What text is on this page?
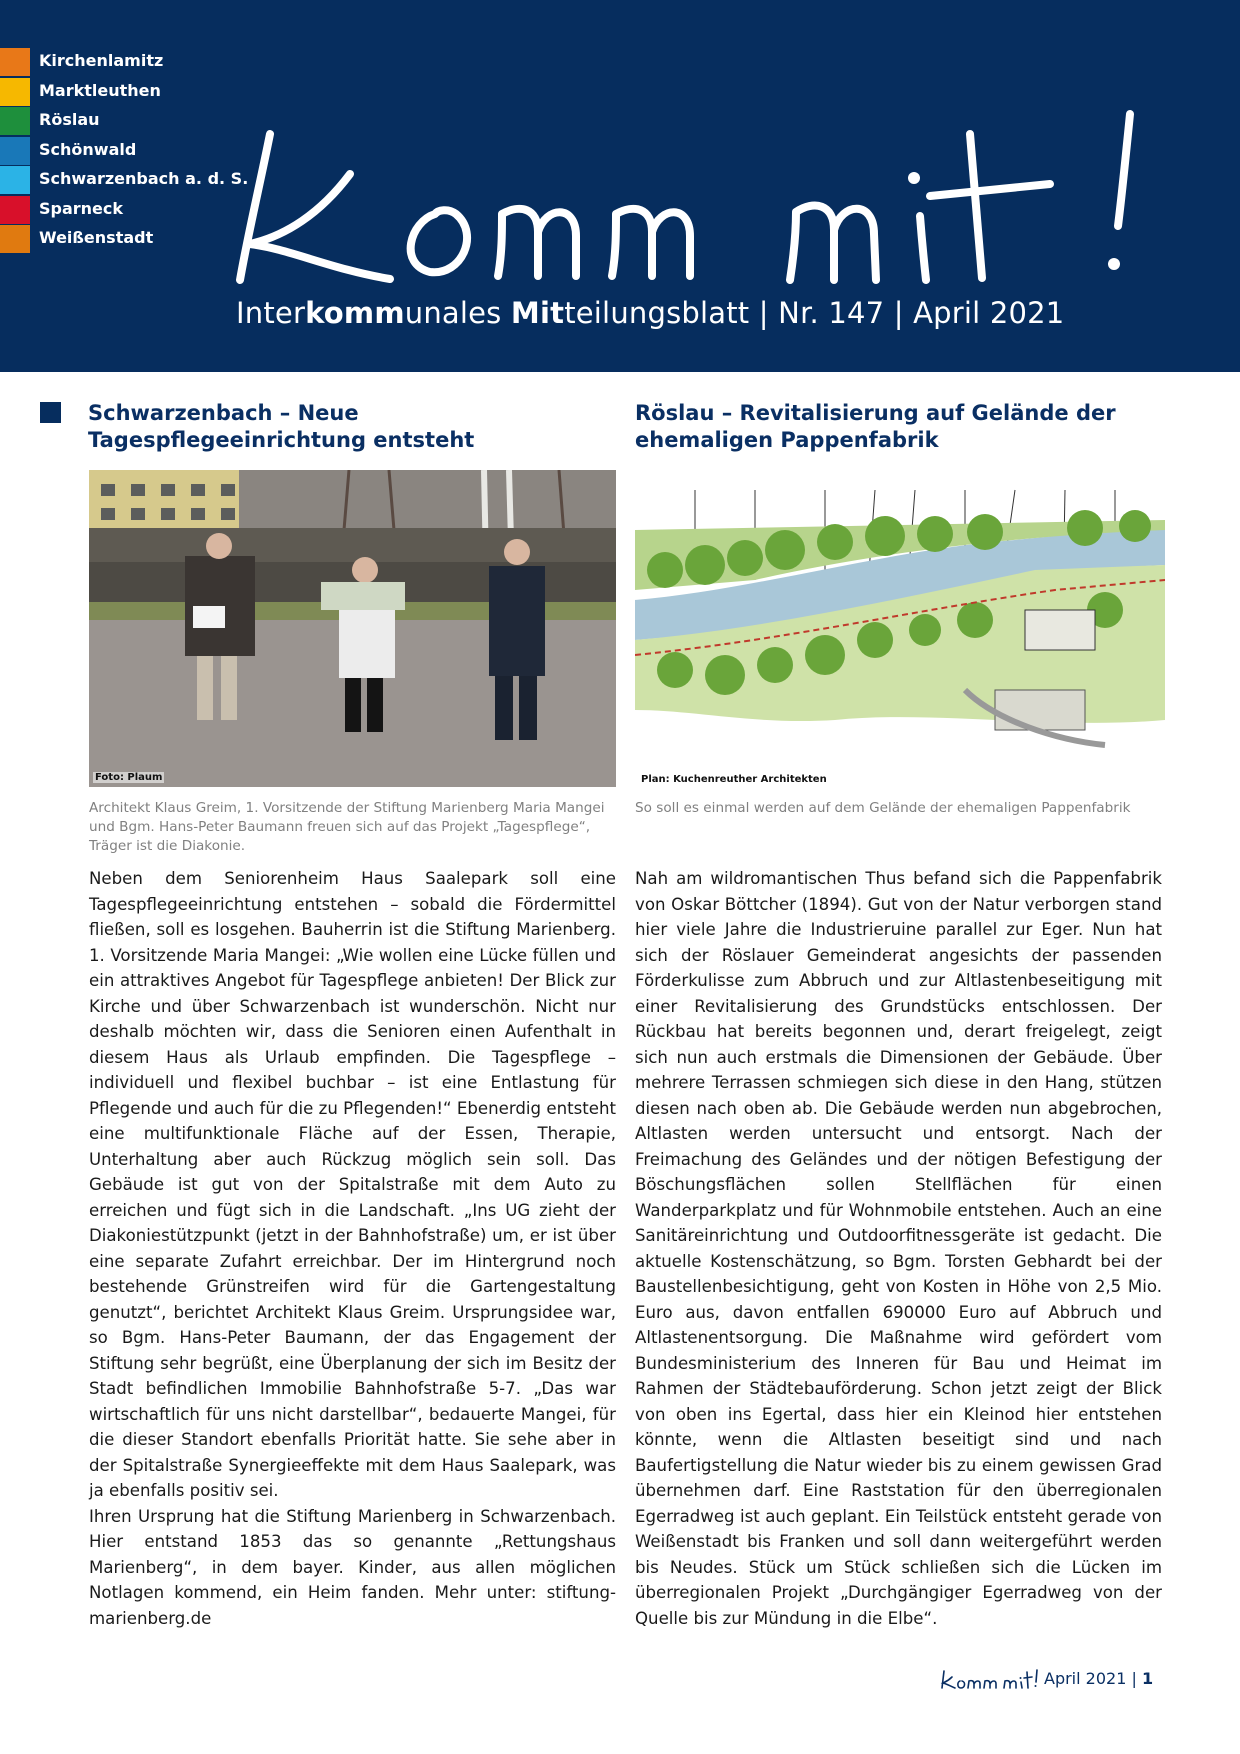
Kirchenlamitz
Marktleuthen
Röslau
Schönwald
Schwarzenbach a. d. S.
Sparneck
Weißenstadt
Interkommunales Mitteilungsblatt | Nr. 147 | April 2021
Schwarzenbach – Neue Tagespflegeeinrichtung entsteht
Röslau – Revitalisierung auf Gelände der ehemaligen Pappenfabrik
Foto: Plaum	Plan: Kuchenreuther Architekten
Architekt Klaus Greim, 1. Vorsitzende der Stiftung Marienberg Maria Mangei und Bgm. Hans-Peter Baumann freuen sich auf das Projekt „Tagespflege“, Träger ist die Diakonie.
So soll es einmal werden auf dem Gelände der ehemaligen Pappenfabrik

Neben dem Seniorenheim Haus Saalepark soll eine Tagespflegeeinrichtung entstehen – sobald die Fördermittel fließen, soll es losgehen. Bauherrin ist die Stiftung Marienberg. 1. Vorsitzende Maria Mangei: „Wie wollen eine Lücke füllen und ein attraktives Angebot für Tagespflege anbieten! Der Blick zur Kirche und über Schwarzenbach ist wunderschön. Nicht nur deshalb möchten wir, dass die Senioren einen Aufenthalt in diesem Haus als Urlaub empfinden. Die Tagespflege – individuell und flexibel buchbar – ist eine Entlastung für Pflegende und auch für die zu Pflegenden!“ Ebenerdig entsteht eine multifunktionale Fläche auf der Essen, Therapie, Unterhaltung aber auch Rückzug möglich sein soll. Das Gebäude ist gut von der Spitalstraße mit dem Auto zu erreichen und fügt sich in die Landschaft. „Ins UG zieht der Diakoniestützpunkt (jetzt in der Bahnhofstraße) um, er ist über eine separate Zufahrt erreichbar. Der im Hintergrund noch bestehende Grünstreifen wird für die Gartengestaltung genutzt“, berichtet Architekt Klaus Greim. Ursprungsidee war, so Bgm. Hans-Peter Baumann, der das Engagement der Stiftung sehr begrüßt, eine Überplanung der sich im Besitz der Stadt befindlichen Immobilie Bahnhofstraße 5-7. „Das war wirtschaftlich für uns nicht darstellbar“, bedauerte Mangei, für die dieser Standort ebenfalls Priorität hatte. Sie sehe aber in der Spitalstraße Synergieeffekte mit dem Haus Saalepark, was ja ebenfalls positiv sei.

Ihren Ursprung hat die Stiftung Marienberg in Schwarzenbach. Hier entstand 1853 das so genannte „Rettungshaus Marienberg“, in dem bayer. Kinder, aus allen möglichen Notlagen kommend, ein Heim fanden. Mehr unter: stiftung-marienberg.de

Nah am wildromantischen Thus befand sich die Pappenfabrik von Oskar Böttcher (1894). Gut von der Natur verborgen stand hier viele Jahre die Industrieruine parallel zur Eger. Nun hat sich der Röslauer Gemeinderat angesichts der passenden Förderkulisse zum Abbruch und zur Altlastenbeseitigung mit einer Revitalisierung des Grundstücks entschlossen. Der Rückbau hat bereits begonnen und, derart freigelegt, zeigt sich nun auch erstmals die Dimensionen der Gebäude. Über mehrere Terrassen schmiegen sich diese in den Hang, stützen diesen nach oben ab. Die Gebäude werden nun abgebrochen, Altlasten werden untersucht und entsorgt. Nach der Freimachung des Geländes und der nötigen Befestigung der Böschungsflächen sollen Stellflächen für einen Wanderparkplatz und für Wohnmobile entstehen. Auch an eine Sanitäreinrichtung und Outdoorfitnessgeräte ist gedacht. Die aktuelle Kostenschätzung, so Bgm. Torsten Gebhardt bei der Baustellenbesichtigung, geht von Kosten in Höhe von 2,5 Mio. Euro aus, davon entfallen 690000 Euro auf Abbruch und Altlastenentsorgung. Die Maßnahme wird gefördert vom Bundesministerium des Inneren für Bau und Heimat im Rahmen der Städtebauförderung. Schon jetzt zeigt der Blick von oben ins Egertal, dass hier ein Kleinod hier entstehen könnte, wenn die Altlasten beseitigt sind und nach Baufertigstellung die Natur wieder bis zu einem gewissen Grad übernehmen darf. Eine Raststation für den überregionalen Egerradweg ist auch geplant. Ein Teilstück entsteht gerade von Weißenstadt bis Franken und soll dann weitergeführt werden bis Neudes. Stück um Stück schließen sich die Lücken im überregionalen Projekt „Durchgängiger Egerradweg von der Quelle bis zur Mündung in die Elbe“.

April 2021 | 1
